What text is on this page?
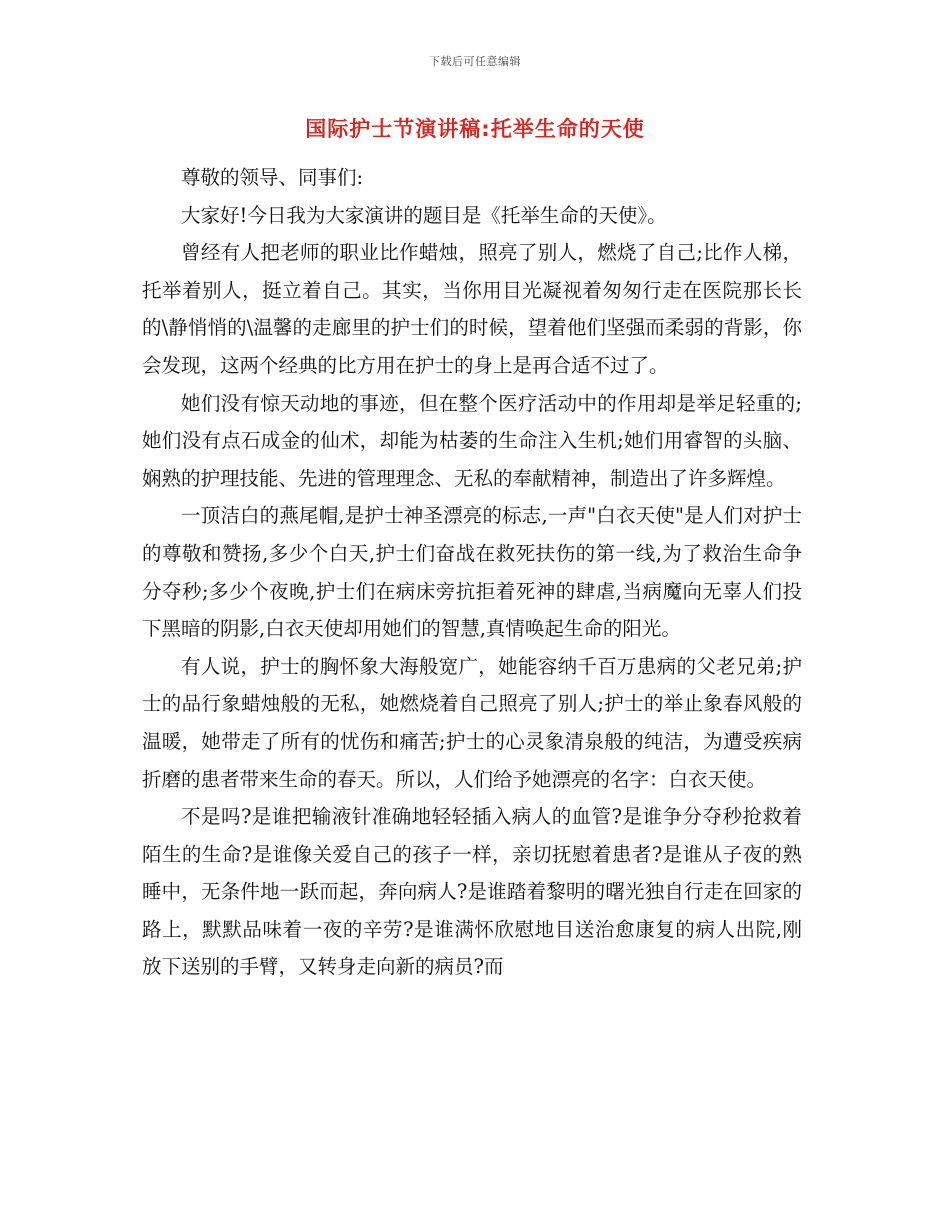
下载后可任意编辑
国际护士节演讲稿:托举生命的天使

尊敬的领导、同事们:

大家好!今日我为大家演讲的题目是《托举生命的天使》。

曾经有人把老师的职业比作蜡烛，照亮了别人，燃烧了自己;比作人梯，托举着别人，挺立着自己。其实，当你用目光凝视着匆匆行走在医院那长长的\静悄悄的\温馨的走廊里的护士们的时候，望着他们坚强而柔弱的背影，你会发现，这两个经典的比方用在护士的身上是再合适不过了。

她们没有惊天动地的事迹，但在整个医疗活动中的作用却是举足轻重的;她们没有点石成金的仙术，却能为枯萎的生命注入生机;她们用睿智的头脑、娴熟的护理技能、先进的管理理念、无私的奉献精神，制造出了许多辉煌。

一顶洁白的燕尾帽,是护士神圣漂亮的标志,一声"白衣天使"是人们对护士的尊敬和赞扬,多少个白天,护士们奋战在救死扶伤的第一线,为了救治生命争分夺秒;多少个夜晚,护士们在病床旁抗拒着死神的肆虐,当病魔向无辜人们投下黑暗的阴影,白衣天使却用她们的智慧,真情唤起生命的阳光。

有人说，护士的胸怀象大海般宽广，她能容纳千百万患病的父老兄弟;护士的品行象蜡烛般的无私，她燃烧着自己照亮了别人;护士的举止象春风般的温暖，她带走了所有的忧伤和痛苦;护士的心灵象清泉般的纯洁，为遭受疾病折磨的患者带来生命的春天。所以，人们给予她漂亮的名字：白衣天使。

不是吗?是谁把输液针准确地轻轻插入病人的血管?是谁争分夺秒抢救着陌生的生命?是谁像关爱自己的孩子一样，亲切抚慰着患者?是谁从子夜的熟睡中，无条件地一跃而起，奔向病人?是谁踏着黎明的曙光独自行走在回家的路上，默默品味着一夜的辛劳?是谁满怀欣慰地目送治愈康复的病人出院,刚放下送别的手臂，又转身走向新的病员?而
